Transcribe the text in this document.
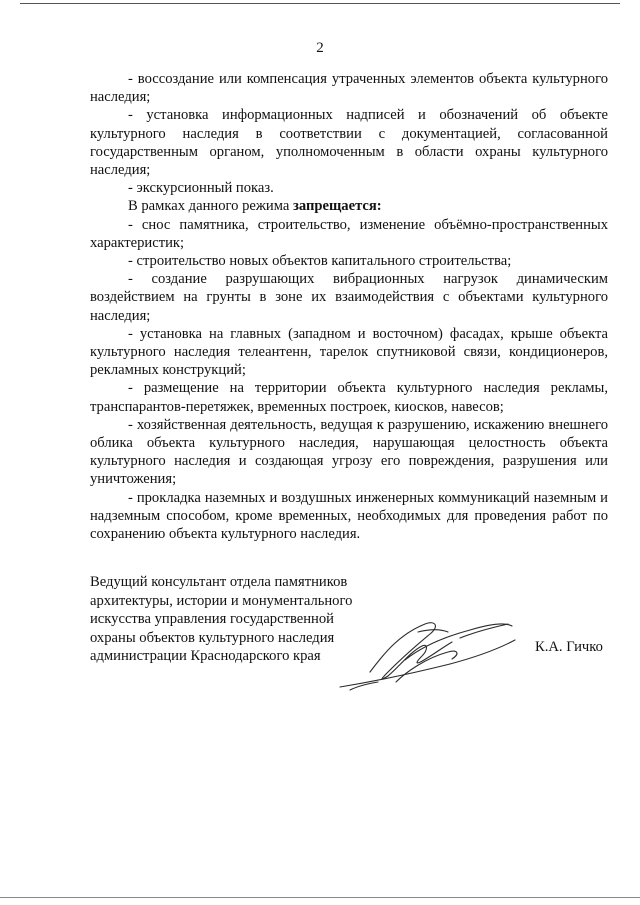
2

- воссоздание или компенсация утраченных элементов объекта культурного наследия;

- установка информационных надписей и обозначений об объекте культурного наследия в соответствии с документацией, согласованной государственным органом, уполномоченным в области охраны культурного наследия;

- экскурсионный показ.

В рамках данного режима запрещается:

- снос памятника, строительство, изменение объёмно-пространственных характеристик;

- строительство новых объектов капитального строительства;

- создание разрушающих вибрационных нагрузок динамическим воздействием на грунты в зоне их взаимодействия с объектами культурного наследия;

- установка на главных (западном и восточном) фасадах, крыше объекта культурного наследия телеантенн, тарелок спутниковой связи, кондиционеров, рекламных конструкций;

- размещение на территории объекта культурного наследия рекламы, транспарантов-перетяжек, временных построек, киосков, навесов;

- хозяйственная деятельность, ведущая к разрушению, искажению внешнего облика объекта культурного наследия, нарушающая целостность объекта культурного наследия и создающая угрозу его повреждения, разрушения или уничтожения;

- прокладка наземных и воздушных инженерных коммуникаций наземным и надземным способом, кроме временных, необходимых для проведения работ по сохранению объекта культурного наследия.

Ведущий консультант отдела памятников
архитектуры, истории и монументального
искусства управления государственной
охраны объектов культурного наследия
администрации Краснодарского края
К.А. Гичко
